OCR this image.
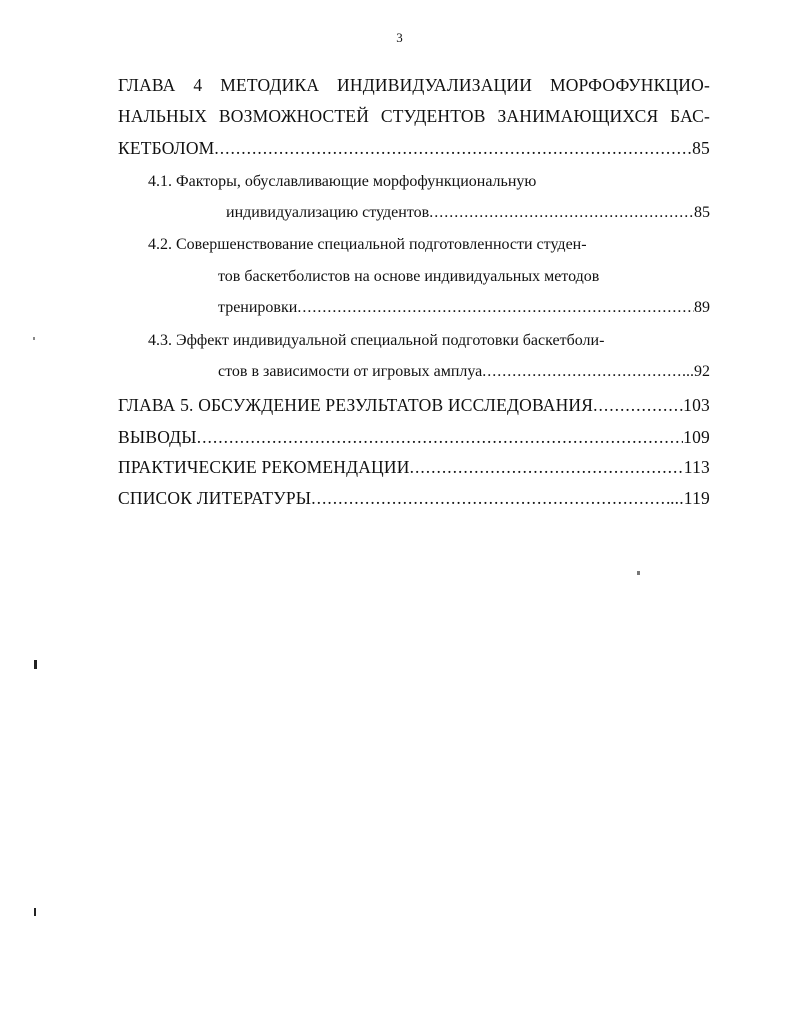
3
ГЛАВА 4 МЕТОДИКА ИНДИВИДУАЛИЗАЦИИ МОРФОФУНКЦИО-
НАЛЬНЫХ ВОЗМОЖНОСТЕЙ СТУДЕНТОВ ЗАНИМАЮЩИХСЯ БАС-
КЕТБОЛОМ .....	85
4.1. Факторы, обуславливающие морфофункциональную
индивидуализацию студентов .....	85
4.2. Совершенствование специальной подготовленности студен-
тов баскетболистов на основе индивидуальных методов
тренировки .....	89
4.3. Эффект индивидуальной специальной подготовки баскетболи-
стов в зависимости от игровых амплуа .....	...92
ГЛАВА 5. ОБСУЖДЕНИЕ РЕЗУЛЬТАТОВ ИССЛЕДОВАНИЯ .....	103
ВЫВОДЫ .....	109
ПРАКТИЧЕСКИЕ РЕКОМЕНДАЦИИ .....	113
СПИСОК ЛИТЕРАТУРЫ .....	...119
